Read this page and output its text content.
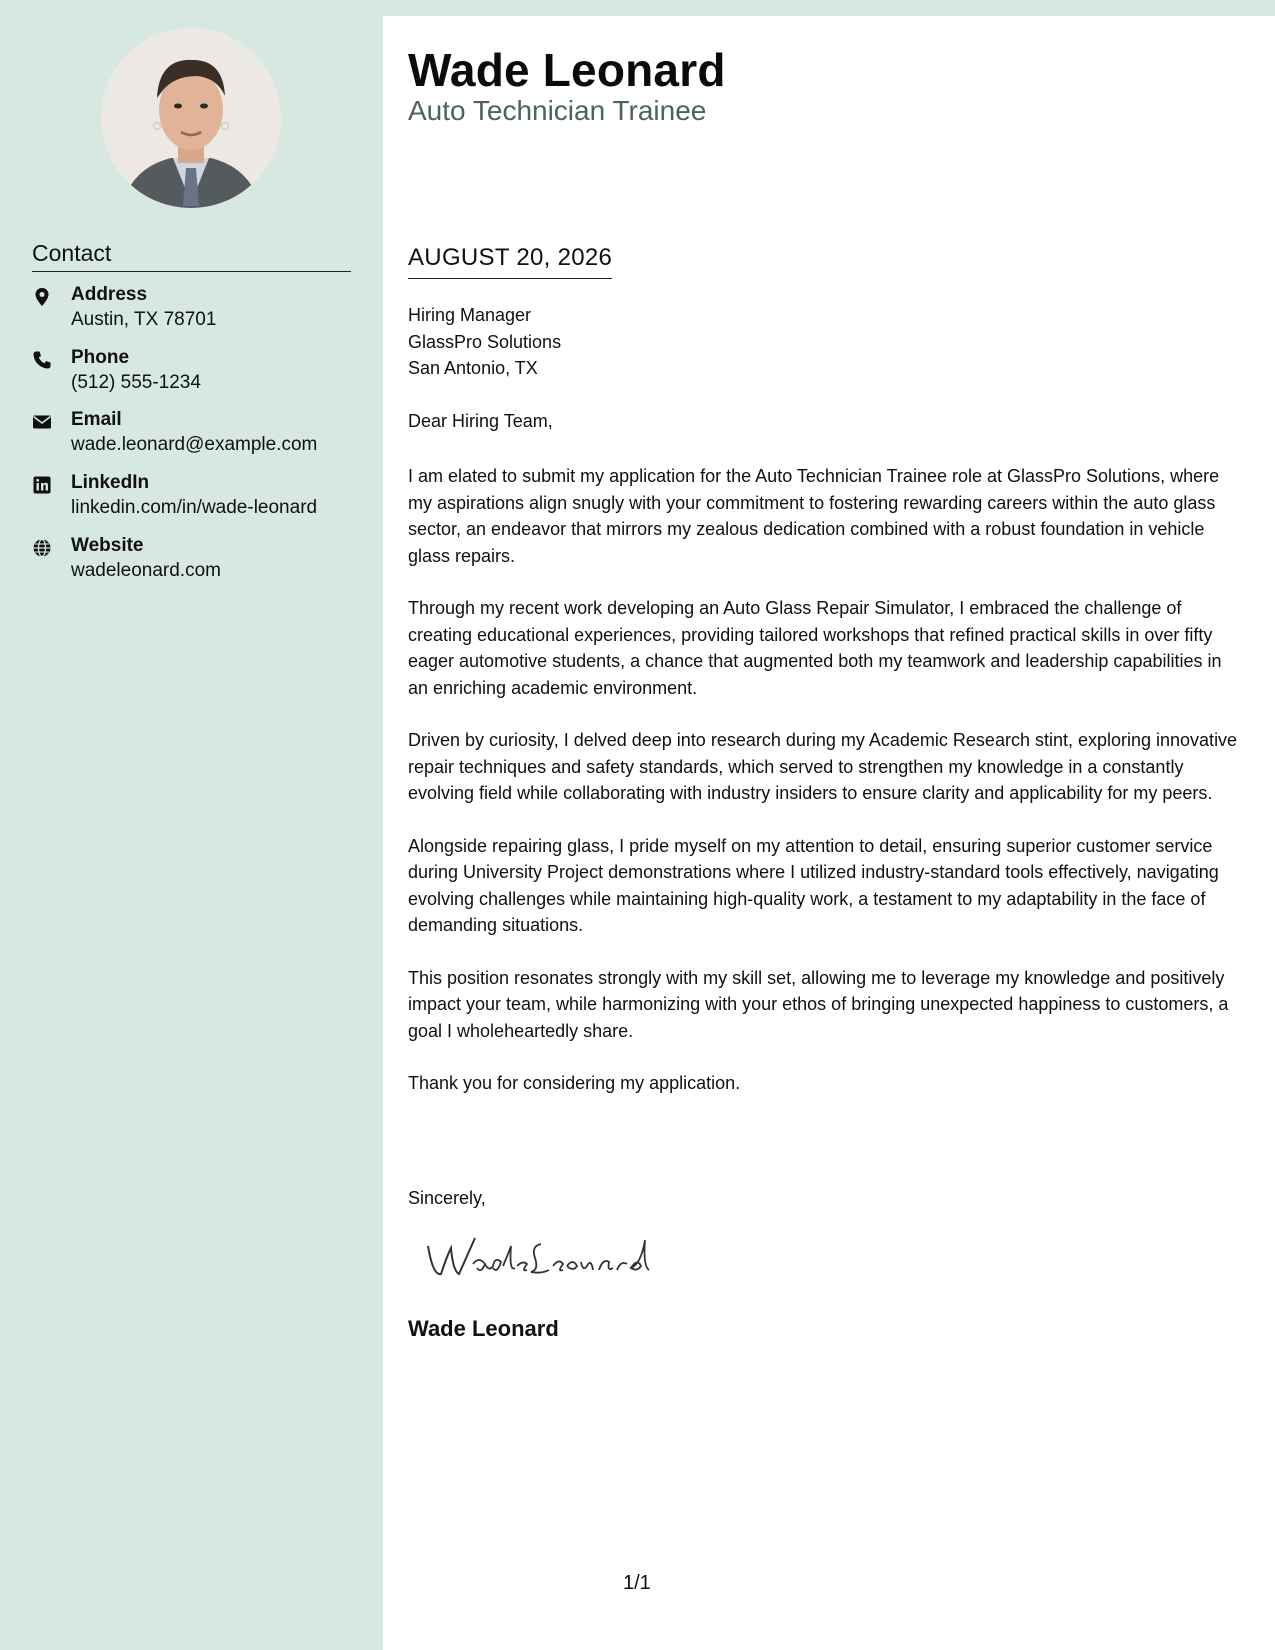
Contact
Address
Austin, TX 78701
Phone
(512) 555-1234
Email
wade.leonard@example.com
LinkedIn
linkedin.com/in/wade-leonard
Website
wadeleonard.com
Wade Leonard
Auto Technician Trainee
AUGUST 20, 2026
Hiring Manager
GlassPro Solutions
San Antonio, TX
Dear Hiring Team,

I am elated to submit my application for the Auto Technician Trainee role at GlassPro Solutions, where my aspirations align snugly with your commitment to fostering rewarding careers within the auto glass sector, an endeavor that mirrors my zealous dedication combined with a robust foundation in vehicle glass repairs.

Through my recent work developing an Auto Glass Repair Simulator, I embraced the challenge of creating educational experiences, providing tailored workshops that refined practical skills in over fifty eager automotive students, a chance that augmented both my teamwork and leadership capabilities in an enriching academic environment.

Driven by curiosity, I delved deep into research during my Academic Research stint, exploring innovative repair techniques and safety standards, which served to strengthen my knowledge in a constantly evolving field while collaborating with industry insiders to ensure clarity and applicability for my peers.

Alongside repairing glass, I pride myself on my attention to detail, ensuring superior customer service during University Project demonstrations where I utilized industry-standard tools effectively, navigating evolving challenges while maintaining high-quality work, a testament to my adaptability in the face of demanding situations.

This position resonates strongly with my skill set, allowing me to leverage my knowledge and positively impact your team, while harmonizing with your ethos of bringing unexpected happiness to customers, a goal I wholeheartedly share.

Thank you for considering my application.

Sincerely,
Wade Leonard
1/1
